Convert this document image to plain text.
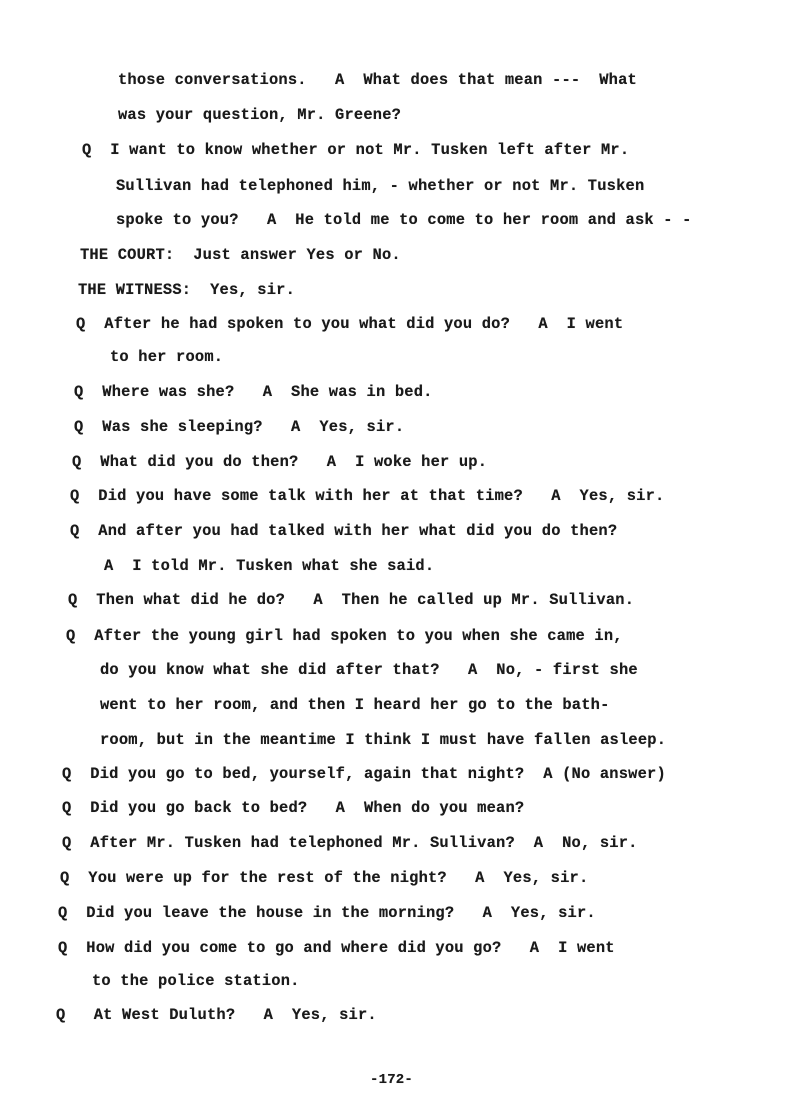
those conversations.   A  What does that mean ---  What
was your question, Mr. Greene?
Q  I want to know whether or not Mr. Tusken left after Mr.
Sullivan had telephoned him, - whether or not Mr. Tusken
spoke to you?   A  He told me to come to her room and ask - -
THE COURT:  Just answer Yes or No.
THE WITNESS:  Yes, sir.
Q  After he had spoken to you what did you do?   A  I went
to her room.
Q  Where was she?   A  She was in bed.
Q  Was she sleeping?   A  Yes, sir.
Q  What did you do then?   A  I woke her up.
Q  Did you have some talk with her at that time?   A  Yes, sir.
Q  And after you had talked with her what did you do then?
A  I told Mr. Tusken what she said.
Q  Then what did he do?   A  Then he called up Mr. Sullivan.
Q  After the young girl had spoken to you when she came in,
do you know what she did after that?   A  No, - first she
went to her room, and then I heard her go to the bath-
room, but in the meantime I think I must have fallen asleep.
Q  Did you go to bed, yourself, again that night?  A (No answer)
Q  Did you go back to bed?   A  When do you mean?
Q  After Mr. Tusken had telephoned Mr. Sullivan?  A  No, sir.
Q  You were up for the rest of the night?   A  Yes, sir.
Q  Did you leave the house in the morning?   A  Yes, sir.
Q  How did you come to go and where did you go?   A  I went
to the police station.
Q   At West Duluth?   A  Yes, sir.
-172-
